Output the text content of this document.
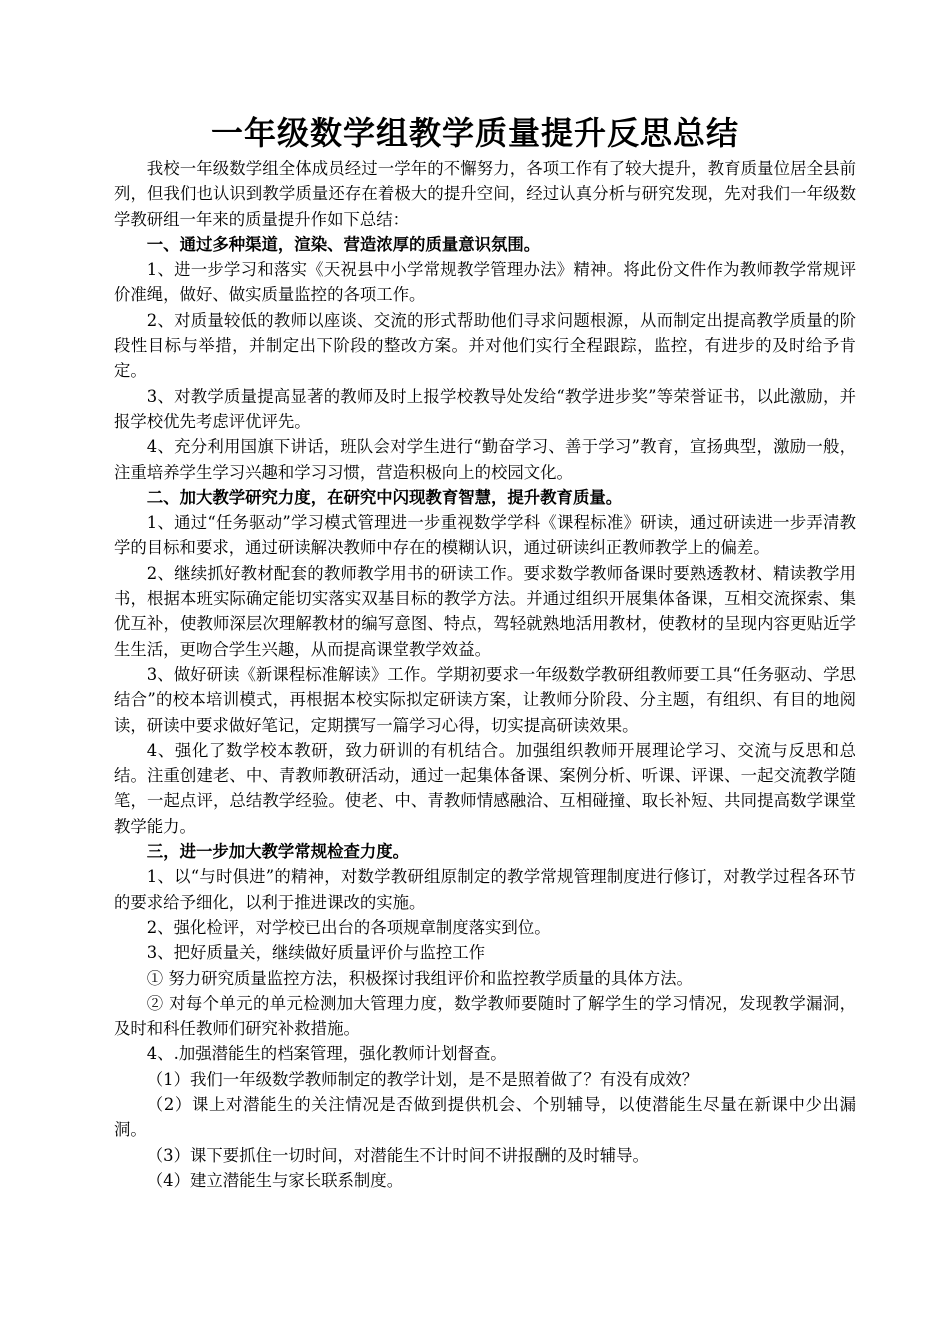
一年级数学组教学质量提升反思总结

我校一年级数学组全体成员经过一学年的不懈努力，各项工作有了较大提升，教育质量位居全县前列，但我们也认识到教学质量还存在着极大的提升空间，经过认真分析与研究发现，先对我们一年级数学教研组一年来的质量提升作如下总结：

一、通过多种渠道，渲染、营造浓厚的质量意识氛围。

1、进一步学习和落实《天祝县中小学常规教学管理办法》精神。将此份文件作为教师教学常规评价准绳，做好、做实质量监控的各项工作。

2、对质量较低的教师以座谈、交流的形式帮助他们寻求问题根源，从而制定出提高教学质量的阶段性目标与举措，并制定出下阶段的整改方案。并对他们实行全程跟踪，监控，有进步的及时给予肯定。

3、对教学质量提高显著的教师及时上报学校教导处发给“教学进步奖”等荣誉证书，以此激励，并报学校优先考虑评优评先。

4、充分利用国旗下讲话，班队会对学生进行“勤奋学习、善于学习”教育，宣扬典型，激励一般，注重培养学生学习兴趣和学习习惯，营造积极向上的校园文化。

二、加大教学研究力度，在研究中闪现教育智慧，提升教育质量。

1、通过“任务驱动”学习模式管理进一步重视数学学科《课程标准》研读，通过研读进一步弄清教学的目标和要求，通过研读解决教师中存在的模糊认识，通过研读纠正教师教学上的偏差。

2、继续抓好教材配套的教师教学用书的研读工作。要求数学教师备课时要熟透教材、精读教学用书，根据本班实际确定能切实落实双基目标的教学方法。并通过组织开展集体备课，互相交流探索、集优互补，使教师深层次理解教材的编写意图、特点，驾轻就熟地活用教材，使教材的呈现内容更贴近学生生活，更吻合学生兴趣，从而提高课堂教学效益。

3、做好研读《新课程标准解读》工作。学期初要求一年级数学教研组教师要工具“任务驱动、学思结合”的校本培训模式，再根据本校实际拟定研读方案，让教师分阶段、分主题，有组织、有目的地阅读，研读中要求做好笔记，定期撰写一篇学习心得，切实提高研读效果。

4、强化了数学校本教研，致力研训的有机结合。加强组织教师开展理论学习、交流与反思和总结。注重创建老、中、青教师教研活动，通过一起集体备课、案例分析、听课、评课、一起交流教学随笔，一起点评，总结教学经验。使老、中、青教师情感融洽、互相碰撞、取长补短、共同提高数学课堂教学能力。

三，进一步加大教学常规检查力度。

1、以“与时俱进”的精神，对数学教研组原制定的教学常规管理制度进行修订，对教学过程各环节的要求给予细化，以利于推进课改的实施。

2、强化检评，对学校已出台的各项规章制度落实到位。

3、把好质量关，继续做好质量评价与监控工作

① 努力研究质量监控方法，积极探讨我组评价和监控教学质量的具体方法。

② 对每个单元的单元检测加大管理力度，数学教师要随时了解学生的学习情况，发现教学漏洞，及时和科任教师们研究补救措施。

4、.加强潜能生的档案管理，强化教师计划督查。

（1）我们一年级数学教师制定的教学计划，是不是照着做了？有没有成效？

（2）课上对潜能生的关注情况是否做到提供机会、个别辅导，以使潜能生尽量在新课中少出漏洞。

（3）课下要抓住一切时间，对潜能生不计时间不讲报酬的及时辅导。

（4）建立潜能生与家长联系制度。
